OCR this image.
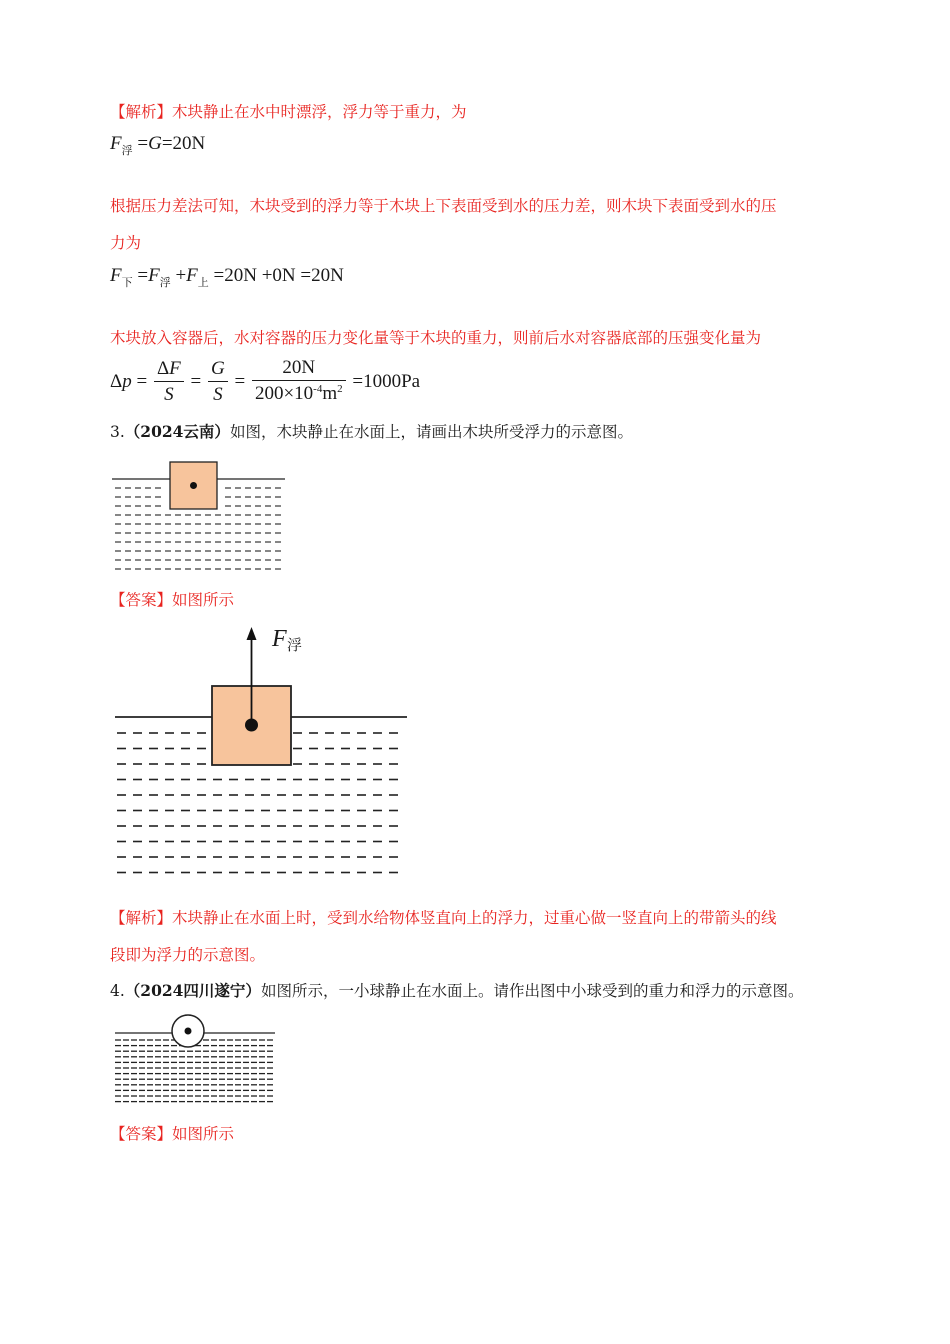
【解析】木块静止在水中时漂浮，浮力等于重力，为
$F_浮 =G=20N$
根据压力差法可知，木块受到的浮力等于木块上下表面受到水的压力差，则木块下表面受到水的压
力为
$F_下 =F_浮 +F_上 =20N +0N =20N$
木块放入容器后，水对容器的压力变化量等于木块的重力，则前后水对容器底部的压强变化量为
$\Delta p = \frac{\Delta F}{S} = \frac{G}{S} = \frac{20N}{200\times 10^{-4}m^2} =1000Pa$
3.（2024云南）如图，木块静止在水面上，请画出木块所受浮力的示意图。
【答案】如图所示
F 浮
【解析】木块静止在水面上时，受到水给物体竖直向上的浮力，过重心做一竖直向上的带箭头的线
段即为浮力的示意图。
4.（2024四川遂宁）如图所示，一小球静止在水面上。请作出图中小球受到的重力和浮力的示意图。
【答案】如图所示
